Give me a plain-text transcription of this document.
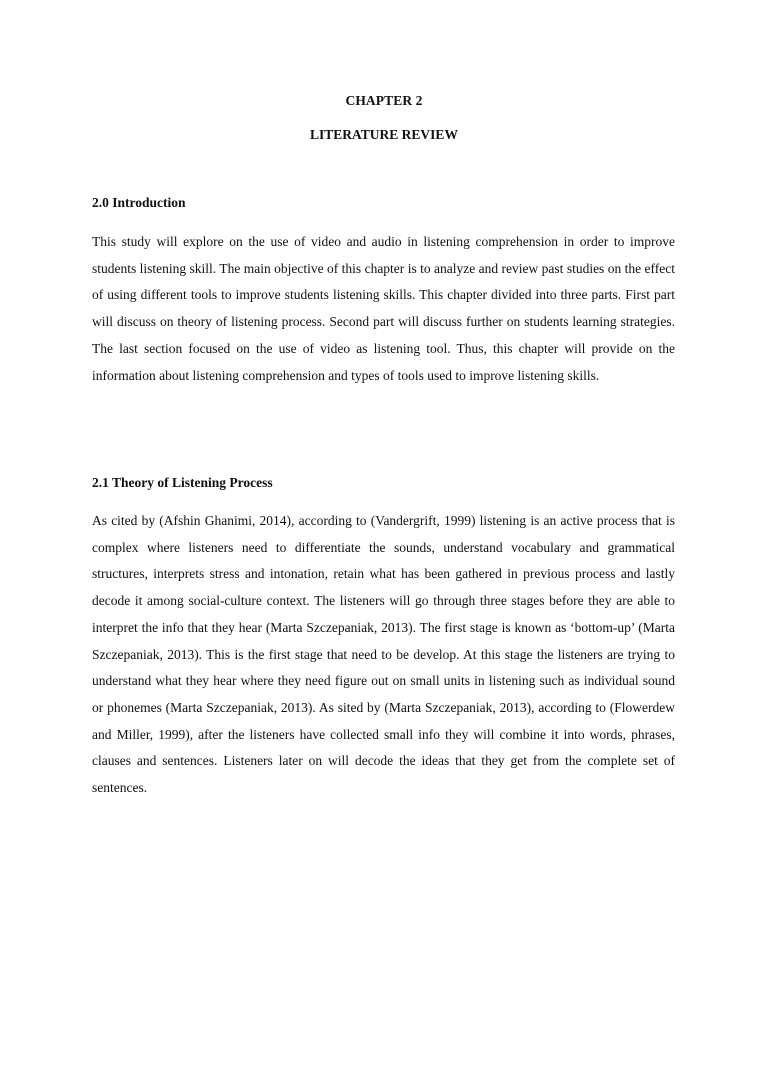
CHAPTER 2
LITERATURE REVIEW
2.0 Introduction

This study will explore on the use of video and audio in listening comprehension in order to improve students listening skill. The main objective of this chapter is to analyze and review past studies on the effect of using different tools to improve students listening skills. This chapter divided into three parts. First part will discuss on theory of listening process. Second part will discuss further on students learning strategies. The last section focused on the use of video as listening tool. Thus, this chapter will provide on the information about listening comprehension and types of tools used to improve listening skills.

2.1 Theory of Listening Process

As cited by (Afshin Ghanimi, 2014), according to (Vandergrift, 1999) listening is an active process that is complex where listeners need to differentiate the sounds, understand vocabulary and grammatical structures, interprets stress and intonation, retain what has been gathered in previous process and lastly decode it among social-culture context. The listeners will go through three stages before they are able to interpret the info that they hear (Marta Szczepaniak, 2013). The first stage is known as ‘bottom-up’ (Marta Szczepaniak, 2013). This is the first stage that need to be develop. At this stage the listeners are trying to understand what they hear where they need figure out on small units in listening such as individual sound or phonemes (Marta Szczepaniak, 2013). As sited by (Marta Szczepaniak, 2013), according to (Flowerdew and Miller, 1999), after the listeners have collected small info they will combine it into words, phrases, clauses and sentences. Listeners later on will decode the ideas that they get from the complete set of sentences.
